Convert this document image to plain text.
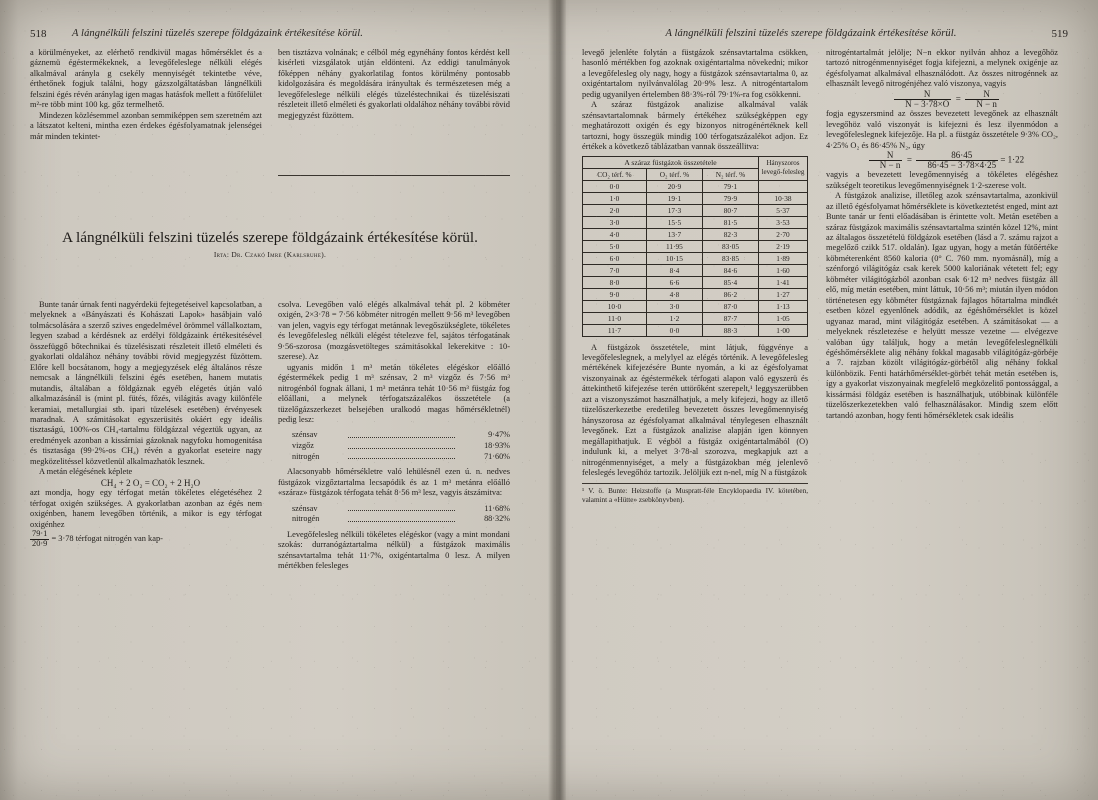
518 A lángnélküli felszini tüzelés szerepe földgázaink értékesítése körül.

a körülményeket, az elérhető rendkivül magas hőmérséklet és a gáznemü égéstermékeknek, a levegőfeleslege nélküli elégés alkalmával arányla g csekély mennyiségét tekintetbe véve, érthetőnek fogjuk találni, hogy gázszolgáltatásban lángnélküli felszini égés révén aránylag igen magas hatásfok mellett a fütőfelület m²-re több mint 100 kg. gőz termelhető.

Mindezen közlésemmel azonban semmiképpen sem szeretném azt a látszatot kelteni, mintha ezen érdekes égésfolyamatnak jelenségei már minden tekintet-

ben tisztázva volnának; e célból még egynéhány fontos kérdést kell kisérleti vizsgálatok utján eldönteni. Az eddigi tanulmányok főképpen néhány gyakorlatilag fontos körülmény pontosabb kidolgozására és megoldására irányultak és természetesen még a levegőfeleslege nélküli elégés tüzeléstechnikai és tüzelésiszati részleteit illető elméleti és gyakorlati oldalához néhány további rövid megjegyzést füzöttem.

A lángnélküli felszini tüzelés szerepe földgázaink értékesítése körül.
Irta: Dr. Czakó Imre (Karlsruhe).

Bunte tanár úrnak fenti nagyérdekü fejtegetéseivel kapcsolatban, a melyeknek a «Bányászati és Kohászati Lapok» hasábjain való tolmácsolására a szerző szives engedelmével örömmel vállalkoztam, legyen szabad a kérdésnek az erdélyi földgázaink értékesitésével összefüggő bőtechnikai és tüzelésiszati részleteit illető elméleti és gyakorlati oldalához néhány további rövid megjegyzést füzöttem. Előre kell bocsátanom, hogy a megjegyzések elég általános része nemcsak a lángnélküli felszini égés esetében, hanem mutatis mutandis, általában a földgáznak egyéb elégetés útján való alkalmazásánál is (mint pl. fütés, főzés, világitás avagy különféle keramiai, metallurgiai stb. ipari tüzelések esetében) érvényesek maradnak. A számitásokat egyszerüsités okáért egy ideális tisztaságú, 100%-os CH₄-tartalmu földgázzal végeztük ugyan, az eredmények azonban a kissárniai gázoknak nagyfoku homogenitása és tisztasága (99·2%-os CH₄) révén a gyakorlat eseteire nagy megközelitéssel közvetlenül alkalmazhatók lesznek.

A metán elégésének képlete

CH₄ + 2 O₂ = CO₂ + 2 H₂O

azt mondja, hogy egy térfogat metán tökéletes elégetéséhez 2 térfogat oxigén szükséges. A gyakorlatban azonban az égés nem oxigénben, hanem levegőben történik, a mikor is egy térfogat oxigénhez

$\frac{79\cdot 1}{20\cdot 9} = 3\cdot 78$ térfogat nitrogén van kap-

csolva. Levegőben való elégés alkalmával tehát pl. 2 köbméter oxigén, 2×3·78 = 7·56 köbméter nitrogén mellett 9·56 m³ levegőben van jelen, vagyis egy térfogat metánnak levegőszükséglete, tökéletes és levegőfelesleg nélküli elégést tételezve fel, sajátos térfogatának 9·56-szorosa (mozgásvetölteges számitásokkal lekerekitve : 10-szerese). Az

ugyanis midőn 1 m³ metán tökéletes elégéskor előálló égéstermékek pedig 1 m³ szénsav, 2 m³ vizgőz és 7·56 m³ nitrogénból fognak állani, 1 m³ metánra tehát 10·56 m³ füstgáz fog előállani, a melynek térfogatszázalékos összetétele (a tüzelőgázszerkezet belsejében uralkodó magas hőmérsékletnél) pedig lesz:

szénsav	9·47%
vizgőz	18·93%
nitrogén	71·60%

Alacsonyabb hőmérsékletre való lehülésnél ezen ú. n. nedves füstgázok vizgőztartalma lecsapódik és az 1 m³ metánra előálló «száraz» füstgázok térfogata tehát 8·56 m³ lesz, vagyis átszámitva:

szénsav	11·68%
nitrogén	88·32%

Levegőfelesleg nélküli tökéletes elégéskor (vagy a mint mondani szokás: durranógáztartalma nélkül) a füstgázok maximális szénsavtartalma tehát 11·7%, oxigéntartalma 0 lesz. A milyen mértékben felesleges

519
A lángnélküli felszini tüzelés szerepe földgázaink értékesítése körül.

levegő jelenléte folytán a füstgázok szénsavtartalma csökken, hasonló mértékben fog azoknak oxigéntartalma növekedni; mikor a levegőfelesleg oly nagy, hogy a füstgázok szénsavtartalma 0, az oxigéntartalom nyilvánvalólag 20·9% lesz. A nitrogéntartalom pedig ugyanilyen értelemben 88·3%-ról 79·1%-ra fog csökkenni.

A száraz füstgázok analizise alkalmával valák szénsavtartalomnak bármely értékéhez szükségképpen egy meghatározott oxigén és egy bizonyos nitrogénértéknek kell tartozni, hogy összegük mindig 100 térfogatszázalékot adjon. Ez értékek a következő táblázatban vannak összeállitva:

A száraz füstgázok összetétele			Hányszoros levegő-felesleg
CO₂ térf. %	O₂ térf. %	N₂ térf. %	
0·0	20·9	79·1	
1·0	19·1	79·9	10·38
2·0	17·3	80·7	5·37
3·0	15·5	81·5	3·53
4·0	13·7	82·3	2·70
5·0	11·95	83·05	2·19
6·0	10·15	83·85	1·89
7·0	8·4	84·6	1·60
8·0	6·6	85·4	1·41
9·0	4·8	86·2	1·27
10·0	3·0	87·0	1·13
11·0	1·2	87·7	1·05
11·7	0·0	88·3	1·00

A füstgázok összetétele, mint látjuk, függvénye a levegőfeleslegnek, a melylyel az elégés történik. A levegőfelesleg mértékének kifejezésére Bunte nyomán, a ki az égésfolyamat viszonyainak az égéstermékek térfogati alapon való egyszerü és áttekinthető kifejezése terén uttörőként szerepelt,¹ leggyszerübben azt a viszonyszámot használhatjuk, a mely kifejezi, hogy az illető tüzelőszerkezetbe eredetileg bevezetett összes levegőmennyiség hányszorosa az égésfolyamat alkalmával ténylegesen elhasznált levegőnek. Ezt a füstgázok analizise alapján igen könnyen megállapithatjuk. E végböl a füstgáz oxigéntartalmából (O) indulunk ki, a melyet 3·78-al szorozva, megkapjuk azt a nitrogénmennyiséget, a mely a füstgázokban még jelenlevő feleslegés levegőhöz tartozik. Jelöljük ezt n-nel, míg N a füstgázok

¹ V. ö. Bunte: Heizstoffe (a Muspratt-féle Encyklopaedia IV. kötetében, valamint a «Hütte» zsebkönyvben).

nitrogéntartalmát jelölje; N−n ekkor nyilván ahhoz a levegőhöz tartozó nitrogénmennyiséget fogja kifejezni, a melynek oxigénje az égésfolyamat alkalmával elhasználódott. Az összes nitrogénnek az elhasznált levegő nitrogénjéhez való viszonya, vagyis

$\frac{N}{N - 3\cdot 78\times O} = \frac{N}{N - n}$

fogja egyszersmind az összes bevezetett levegőnek az elhasznált levegőhöz való viszonyát is kifejezni és lesz ilyenmódon a levegőfeleslegnek kifejezője. Ha pl. a füstgáz összetétele 9·3% CO₂, 4·25% O₂ és 86·45% N₂, úgy

$\frac{N}{N - n} = \frac{86\cdot 45}{86\cdot 45 - 3\cdot 78\times 4\cdot 25} = 1\cdot 22$

vagyis a bevezetett levegőmennyiség a tökéletes elégéshez szükségelt teoretikus levegőmennyiségnek 1·2-szerese volt.

A füstgázok analizise, illetőleg azok szénsavtartalma, azonkivül az illető égésfolyamat hőmérséklete is következtetést enged, mint azt Bunte tanár ur fenti előadásában is érintette volt. Metán esetében a száraz füstgázok maximális szénsavtartalma szintén közel 12%, mint az általagos összetételü földgázok esetében (lásd a 7. számu rajzot a megelőző czikk 517. oldalán). Igaz ugyan, hogy a metán fütőértéke köbméterenként 8560 kaloria (0° C. 760 mm. nyomásnál), míg a szénforgó világitógáz csak kerek 5000 kaloriának vétetett fel; egy köbméter világitógázból azonban csak 6·12 m³ nedves füstgáz áll elő, míg metán esetében, mint láttuk, 10·56 m³; miután ilyen módon történetesen egy köbméter füstgáznak fajlagos hőtartalma mindkét esetben közel egyenlőnek adódik, az égéshőmérséklet is közel ugyanaz marad, mint világitógáz esetében. A számitásokat — a melyeknek részletezése e helyütt messze vezetne — elvégezve valóban úgy találjuk, hogy a metán levegőfeleslegnélküli égéshőmérséklete alig néhány fokkal magasabb világitógáz-görbéje a 7. rajzban közölt világitógáz-görbétől alig néhány fokkal különbözik. Fenti határhőmérséklet-görbét tehát metán esetében is, így a gyakorlat viszonyainak megfelelő megközelitő pontossággal, a kissármási földgáz esetében is használhatjuk, utóbbinak különféle tüzelőszerkezetekben való felhasználásakor. Mindig szem előtt tartandó azonban, hogy fenti hőmérsékletek csak ideális
